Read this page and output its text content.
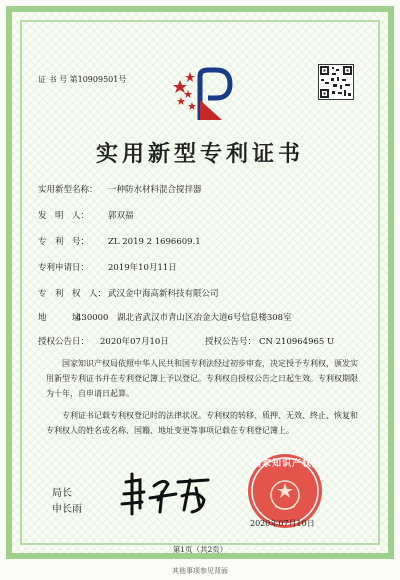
证 书 号 第10909501号
实用新型专利证书
实用新型名称： 一种防水材料混合搅拌器
发　明　人： 郭双福
专　利　号： ZL 2019 2 1696609.1
专利申请日： 2019年10月11日
专　利　权　人： 武汉金中海高新科技有限公司
地　　　址：430000　湖北省武汉市青山区冶金大道6号信息楼308室
授权公告日： 2020年07月10日	授权公告号： CN 210964965 U
国家知识产权局依照中华人民共和国专利法经过初步审查，决定授予专利权，颁发实用新型专利证书并在专利登记簿上予以登记。专利权自授权公告之日起生效。专利权期限为十年，自申请日起算。
专利证书记载专利权登记时的法律状况。专利权的转移、质押、无效、终止、恢复和专利权人的姓名或名称、国籍、地址变更等事项记载在专利登记簿上。
局长
申长雨
国家知识产权局
2020年07月10日
第1页（共2页）
其他事项参见背面
